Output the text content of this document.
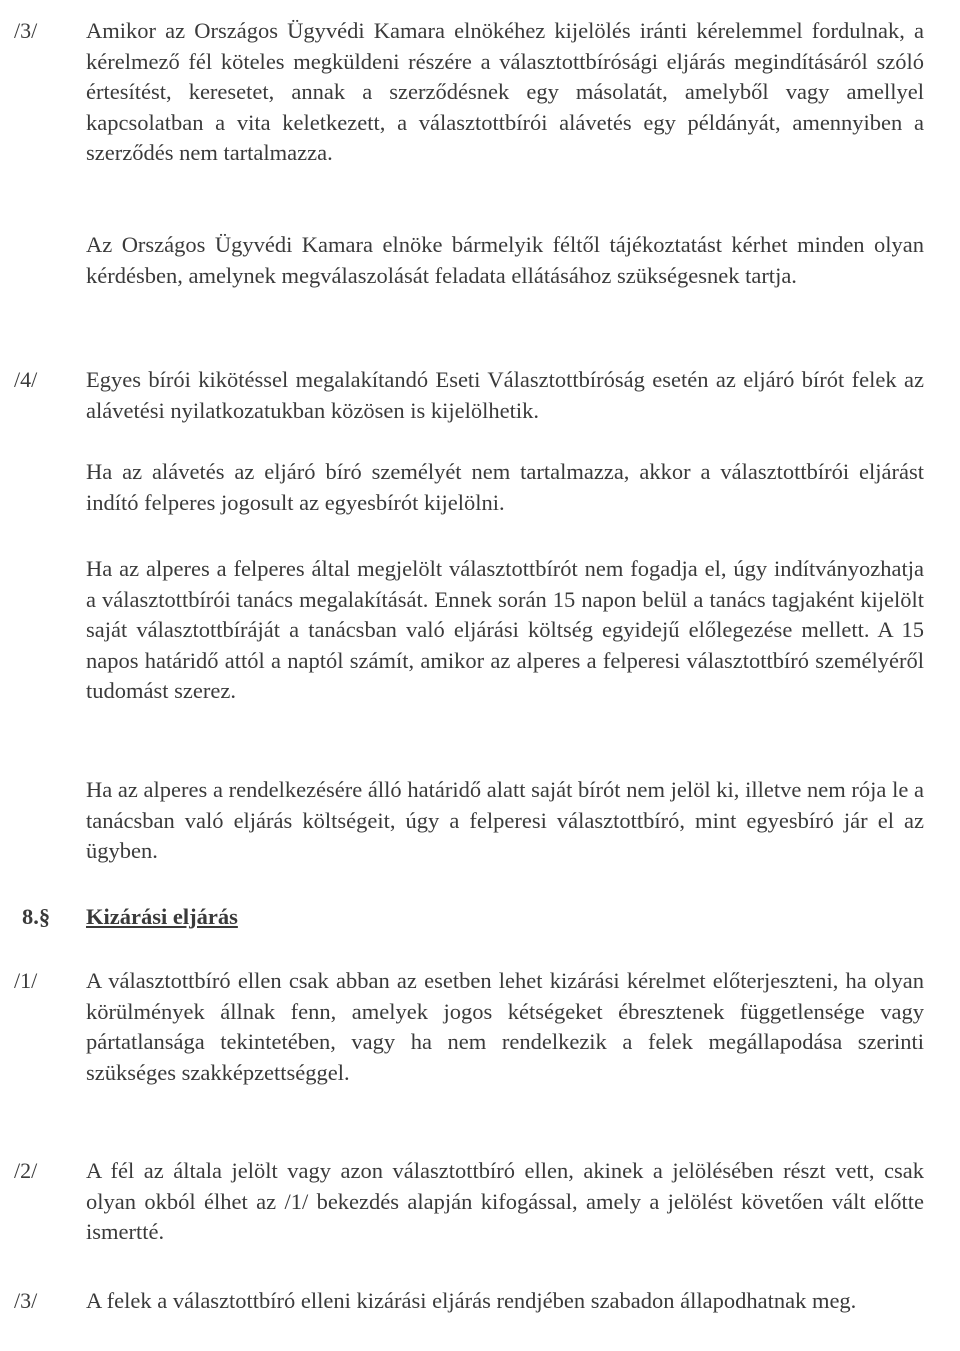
/3/ Amikor az Országos Ügyvédi Kamara elnökéhez kijelölés iránti kérelemmel fordulnak, a kérelmező fél köteles megküldeni részére a választottbírósági eljárás megindításáról szóló értesítést, keresetet, annak a szerződésnek egy másolatát, amelyből vagy amellyel kapcsolatban a vita keletkezett, a választottbírói alávetés egy példányát, amennyiben a szerződés nem tartalmazza.
Az Országos Ügyvédi Kamara elnöke bármelyik féltől tájékoztatást kérhet minden olyan kérdésben, amelynek megválaszolását feladata ellátásához szükségesnek tartja.
/4/ Egyes bírói kikötéssel megalakítandó Eseti Választottbíróság esetén az eljáró bírót felek az alávetési nyilatkozatukban közösen is kijelölhetik.
Ha az alávetés az eljáró bíró személyét nem tartalmazza, akkor a választottbírói eljárást indító felperes jogosult az egyesbírót kijelölni.
Ha az alperes a felperes által megjelölt választottbírót nem fogadja el, úgy indítványozhatja a választottbírói tanács megalakítását. Ennek során 15 napon belül a tanács tagjaként kijelölt saját választottbíráját a tanácsban való eljárási költség egyidejű előlegezése mellett. A 15 napos határidő attól a naptól számít, amikor az alperes a felperesi választottbíró személyéről tudomást szerez.
Ha az alperes a rendelkezésére álló határidő alatt saját bírót nem jelöl ki, illetve nem rója le a tanácsban való eljárás költségeit, úgy a felperesi választottbíró, mint egyesbíró jár el az ügyben.
8.§ Kizárási eljárás
/1/ A választottbíró ellen csak abban az esetben lehet kizárási kérelmet előterjeszteni, ha olyan körülmények állnak fenn, amelyek jogos kétségeket ébresztenek függetlensége vagy pártatlansága tekintetében, vagy ha nem rendelkezik a felek megállapodása szerinti szükséges szakképzettséggel.
/2/ A fél az általa jelölt vagy azon választottbíró ellen, akinek a jelölésében részt vett, csak olyan okból élhet az /1/ bekezdés alapján kifogással, amely a jelölést követően vált előtte ismertté.
/3/ A felek a választottbíró elleni kizárási eljárás rendjében szabadon állapodhatnak meg.
